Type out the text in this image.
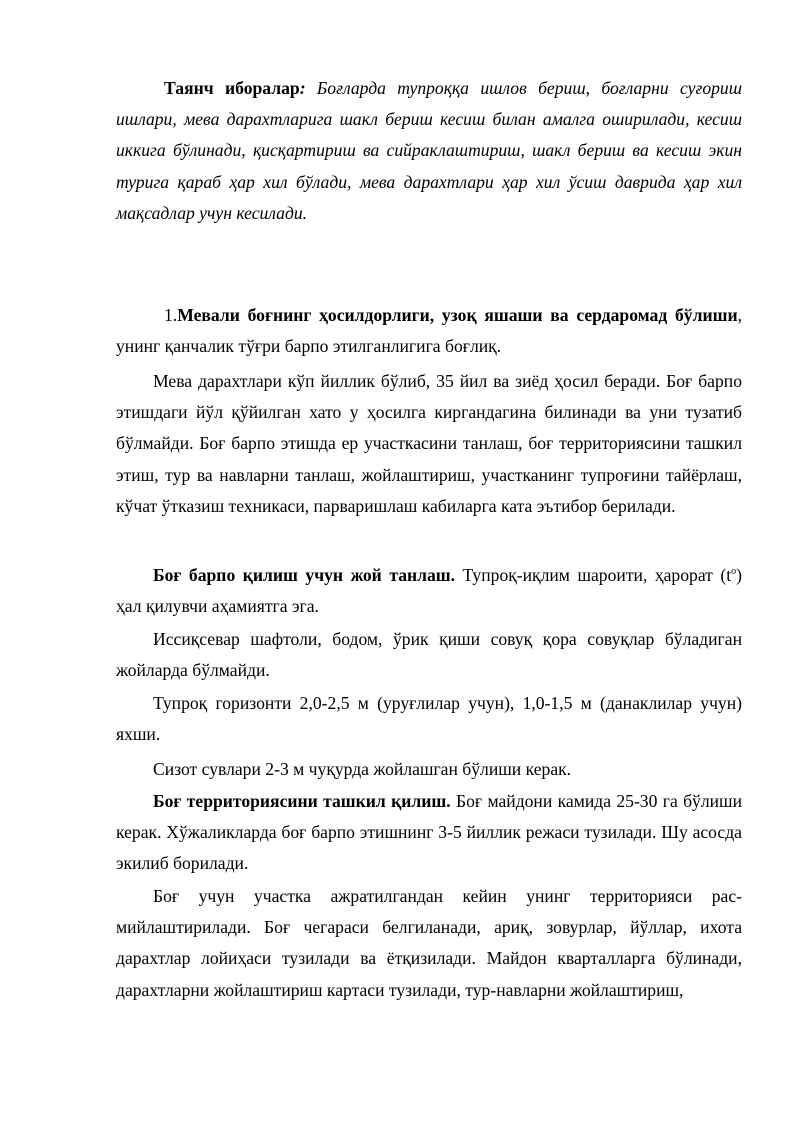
Таянч иборалар: Боғларда тупроққа ишлов бериш, боғларни суғориш ишлари, мева дарахтларига шакл бериш кесиш билан амалга оширилади, кесиш иккига бўлинади, қисқартириш ва сийраклаштириш, шакл бериш ва кесиш экин турига қараб ҳар хил бўлади, мева дарахтлари ҳар хил ўсиш даврида ҳар хил мақсадлар учун кесилади.

1.Мевали боғнинг ҳосилдорлиги, узоқ яшаши ва сердаромад бўлиши, унинг қанчалик тўғри барпо этилганлигига боғлиқ.

Мева дарахтлари кўп йиллик бўлиб, 35 йил ва зиёд ҳосил беради. Боғ барпо этишдаги йўл қўйилган хато у ҳосилга киргандагина билинади ва уни тузатиб бўлмайди. Боғ барпо этишда ер участкасини танлаш, боғ территориясини ташкил этиш, тур ва навларни танлаш, жойлаштириш, участканинг тупроғини тайёрлаш, кўчат ўтказиш техникаси, парваришлаш кабиларга ката эътибор берилади.

Боғ барпо қилиш учун жой танлаш. Тупроқ-иқлим шароити, ҳарорат $(t^o)$ ҳал қилувчи аҳамиятга эга.

Иссиқсевар шафтоли, бодом, ўрик қиши совуқ қора совуқлар бўладиган жойларда бўлмайди.

Тупроқ горизонти 2,0-2,5 м (уруғлилар учун), 1,0-1,5 м (данаклилар учун) яхши.

Сизот сувлари 2-3 м чуқурда жойлашган бўлиши керак.

Боғ территориясини ташкил қилиш. Боғ майдони камида 25-30 га бўлиши керак. Хўжаликларда боғ барпо этишнинг 3-5 йиллик режаси тузилади. Шу асосда экилиб борилади.

Боғ учун участка ажратилгандан кейин унинг территорияси рас-мийлаштирилади. Боғ чегараси белгиланади, ариқ, зовурлар, йўллар, ихота дарахтлар лойиҳаси тузилади ва ётқизилади. Майдон кварталларга бўлинади, дарахтларни жойлаштириш картаси тузилади, тур-навларни жойлаштириш,
